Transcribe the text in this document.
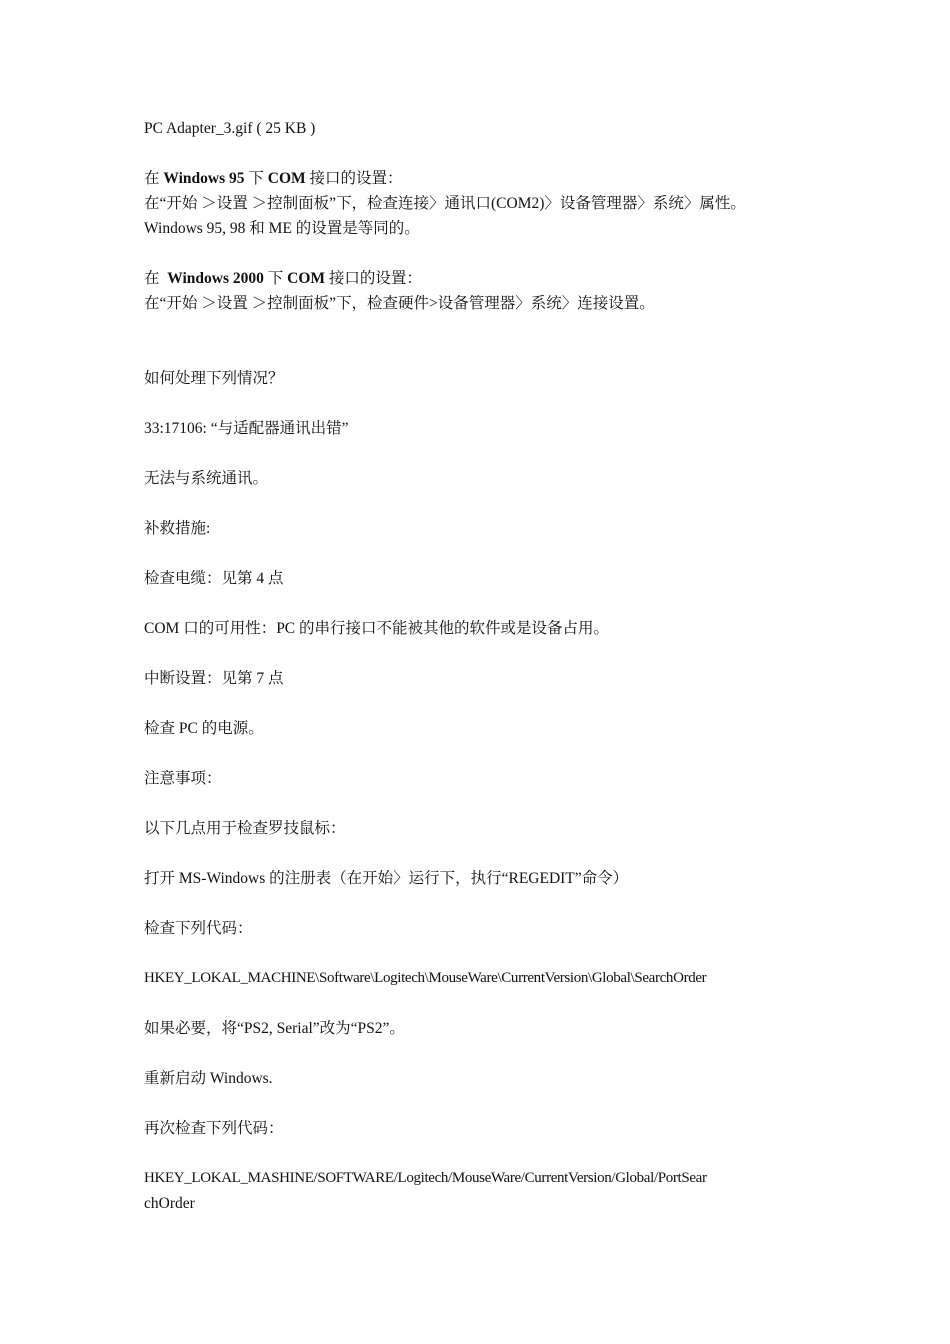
PC Adapter_3.gif ( 25 KB )
在 Windows 95 下 COM 接口的设置：
在“开始 ＞设置 ＞控制面板”下，检查连接〉通讯口(COM2)〉设备管理器〉系统〉属性。
Windows 95, 98 和 ME 的设置是等同的。
在  Windows 2000 下 COM 接口的设置：
在“开始 ＞设置 ＞控制面板”下，检查硬件>设备管理器〉系统〉连接设置。
如何处理下列情况？
33:17106: “与适配器通讯出错”
无法与系统通讯。
补救措施:
检查电缆：见第 4 点
COM 口的可用性：PC 的串行接口不能被其他的软件或是设备占用。
中断设置：见第 7 点
检查 PC 的电源。
注意事项：
以下几点用于检查罗技鼠标：
打开 MS-Windows 的注册表（在开始〉运行下，执行“REGEDIT”命令）
检查下列代码：
HKEY_LOKAL_MACHINE\Software\Logitech\MouseWare\CurrentVersion\Global\SearchOrder
如果必要，将“PS2, Serial”改为“PS2”。
重新启动 Windows.
再次检查下列代码：
HKEY_LOKAL_MASHINE/SOFTWARE/Logitech/MouseWare/CurrentVersion/Global/PortSear
chOrder
